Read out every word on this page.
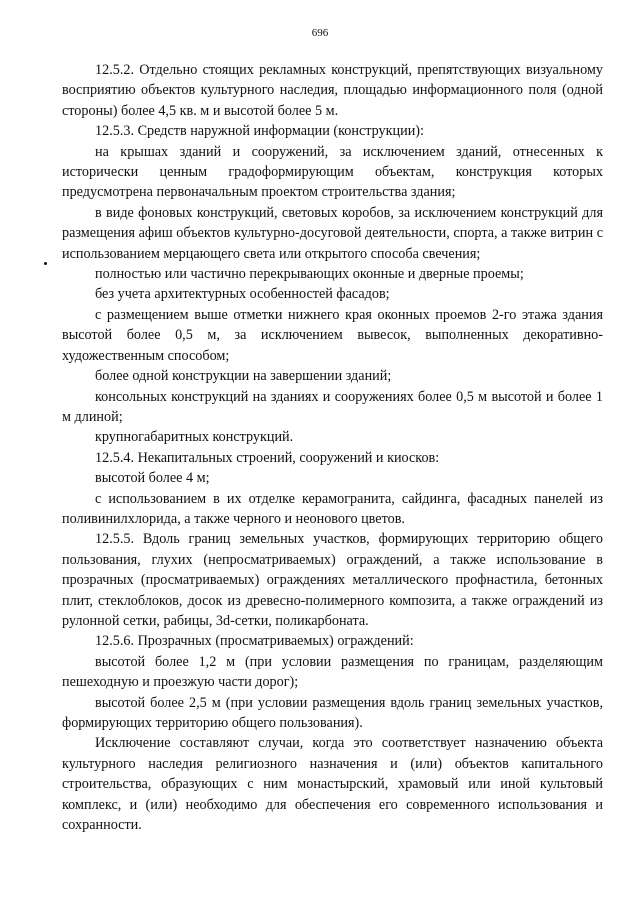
696

12.5.2. Отдельно стоящих рекламных конструкций, препятствующих визуальному восприятию объектов культурного наследия, площадью информационного поля (одной стороны) более 4,5 кв. м и высотой более 5 м.

12.5.3. Средств наружной информации (конструкции):

на крышах зданий и сооружений, за исключением зданий, отнесенных к исторически ценным градоформирующим объектам, конструкция которых предусмотрена первоначальным проектом строительства здания;

в виде фоновых конструкций, световых коробов, за исключением конструкций для размещения афиш объектов культурно-досуговой деятельности, спорта, а также витрин с использованием мерцающего света или открытого способа свечения;

полностью или частично перекрывающих оконные и дверные проемы;

без учета архитектурных особенностей фасадов;

с размещением выше отметки нижнего края оконных проемов 2-го этажа здания высотой более 0,5 м, за исключением вывесок, выполненных декоративно-художественным способом;

более одной конструкции на завершении зданий;

консольных конструкций на зданиях и сооружениях более 0,5 м высотой и более 1 м длиной;

крупногабаритных конструкций.

12.5.4. Некапитальных строений, сооружений и киосков:

высотой более 4 м;

с использованием в их отделке керамогранита, сайдинга, фасадных панелей из поливинилхлорида, а также черного и неонового цветов.

12.5.5. Вдоль границ земельных участков, формирующих территорию общего пользования, глухих (непросматриваемых) ограждений, а также использование в прозрачных (просматриваемых) ограждениях металлического профнастила, бетонных плит, стеклоблоков, досок из древесно-полимерного композита, а также ограждений из рулонной сетки, рабицы, 3d-сетки, поликарбоната.

12.5.6. Прозрачных (просматриваемых) ограждений:

высотой более 1,2 м (при условии размещения по границам, разделяющим пешеходную и проезжую части дорог);

высотой более 2,5 м (при условии размещения вдоль границ земельных участков, формирующих территорию общего пользования).

Исключение составляют случаи, когда это соответствует назначению объекта культурного наследия религиозного назначения и (или) объектов капитального строительства, образующих с ним монастырский, храмовый или иной культовый комплекс, и (или) необходимо для обеспечения его современного использования и сохранности.
